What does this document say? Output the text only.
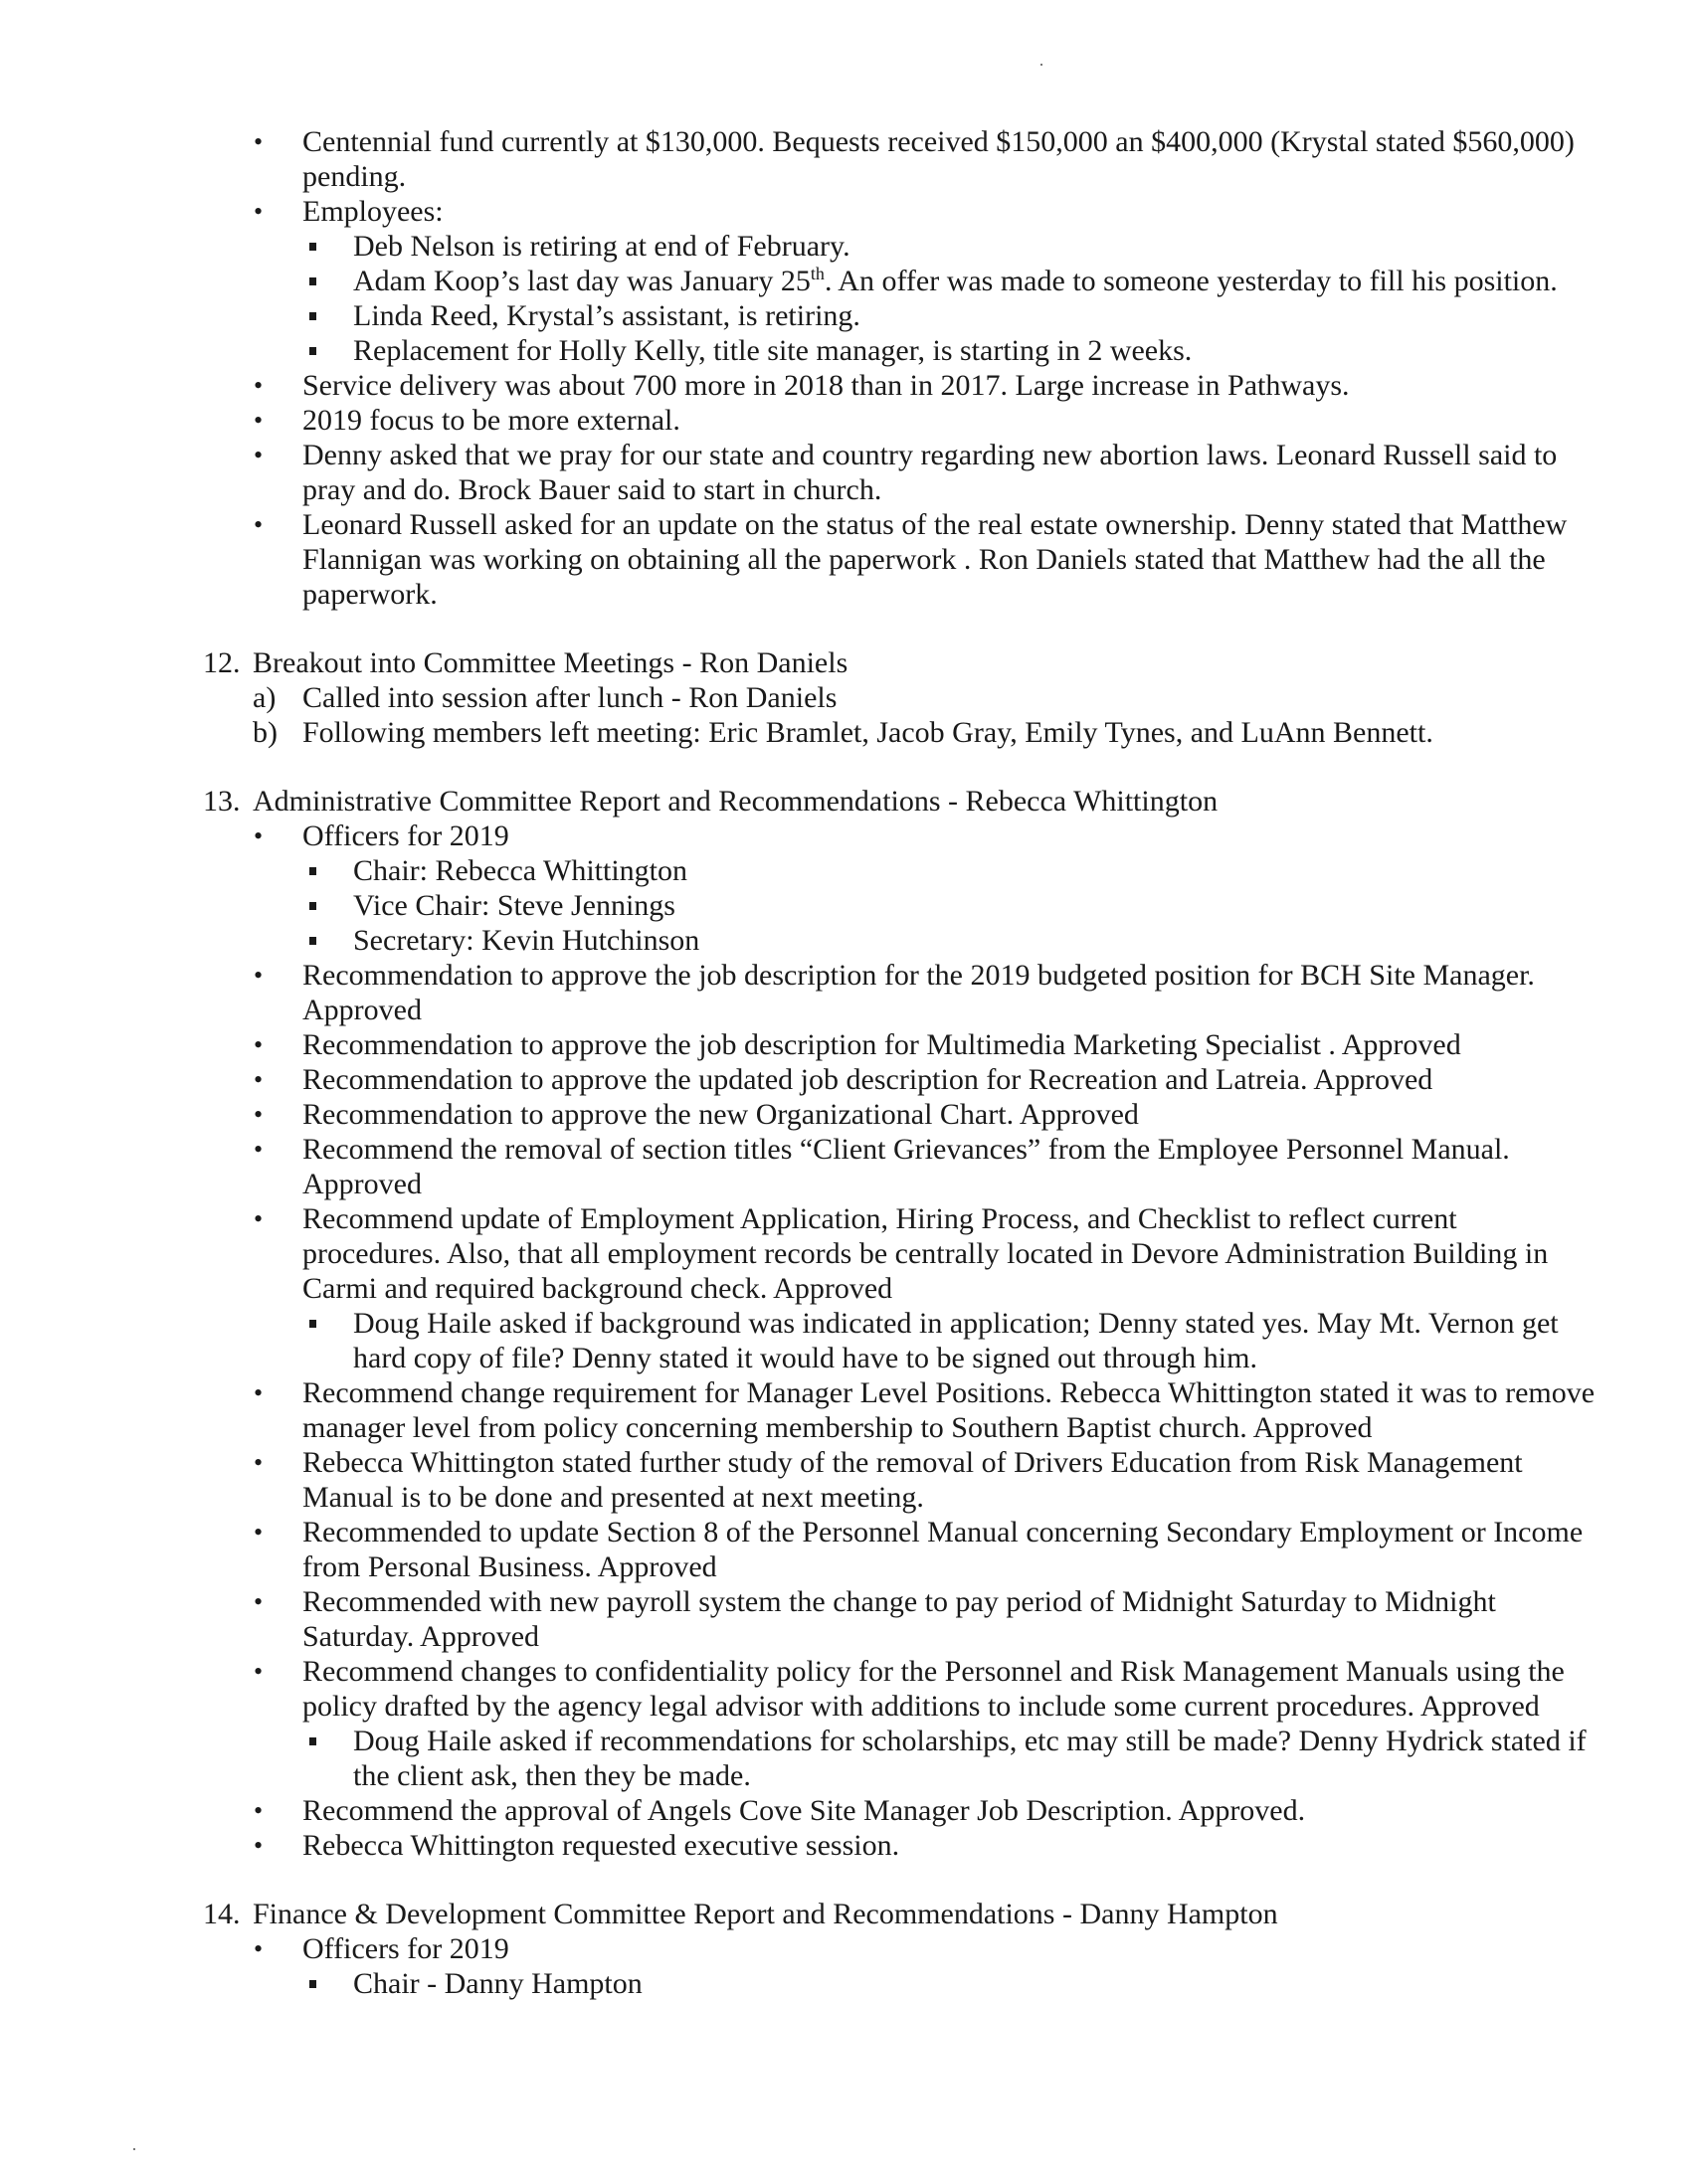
• Centennial fund currently at $130,000. Bequests received $150,000 an $400,000 (Krystal stated $560,000) pending.
• Employees:
Deb Nelson is retiring at end of February.
Adam Koop’s last day was January 25th. An offer was made to someone yesterday to fill his position.
Linda Reed, Krystal’s assistant, is retiring.
Replacement for Holly Kelly, title site manager, is starting in 2 weeks.
• Service delivery was about 700 more in 2018 than in 2017. Large increase in Pathways.
• 2019 focus to be more external.
• Denny asked that we pray for our state and country regarding new abortion laws. Leonard Russell said to pray and do. Brock Bauer said to start in church.
• Leonard Russell asked for an update on the status of the real estate ownership. Denny stated that Matthew Flannigan was working on obtaining all the paperwork . Ron Daniels stated that Matthew had the all the paperwork.
12. Breakout into Committee Meetings - Ron Daniels
a) Called into session after lunch - Ron Daniels
b) Following members left meeting: Eric Bramlet, Jacob Gray, Emily Tynes, and LuAnn Bennett.
13. Administrative Committee Report and Recommendations - Rebecca Whittington
• Officers for 2019
Chair: Rebecca Whittington
Vice Chair: Steve Jennings
Secretary: Kevin Hutchinson
• Recommendation to approve the job description for the 2019 budgeted position for BCH Site Manager. Approved
• Recommendation to approve the job description for Multimedia Marketing Specialist . Approved
• Recommendation to approve the updated job description for Recreation and Latreia. Approved
• Recommendation to approve the new Organizational Chart. Approved
• Recommend the removal of section titles “Client Grievances” from the Employee Personnel Manual. Approved
• Recommend update of Employment Application, Hiring Process, and Checklist to reflect current procedures. Also, that all employment records be centrally located in Devore Administration Building in Carmi and required background check. Approved
Doug Haile asked if background was indicated in application; Denny stated yes. May Mt. Vernon get hard copy of file? Denny stated it would have to be signed out through him.
• Recommend change requirement for Manager Level Positions. Rebecca Whittington stated it was to remove manager level from policy concerning membership to Southern Baptist church. Approved
• Rebecca Whittington stated further study of the removal of Drivers Education from Risk Management Manual is to be done and presented at next meeting.
• Recommended to update Section 8 of the Personnel Manual concerning Secondary Employment or Income from Personal Business. Approved
• Recommended with new payroll system the change to pay period of Midnight Saturday to Midnight Saturday. Approved
• Recommend changes to confidentiality policy for the Personnel and Risk Management Manuals using the policy drafted by the agency legal advisor with additions to include some current procedures. Approved
Doug Haile asked if recommendations for scholarships, etc may still be made? Denny Hydrick stated if the client ask, then they be made.
• Recommend the approval of Angels Cove Site Manager Job Description. Approved.
• Rebecca Whittington requested executive session.
14. Finance & Development Committee Report and Recommendations - Danny Hampton
• Officers for 2019
Chair - Danny Hampton
